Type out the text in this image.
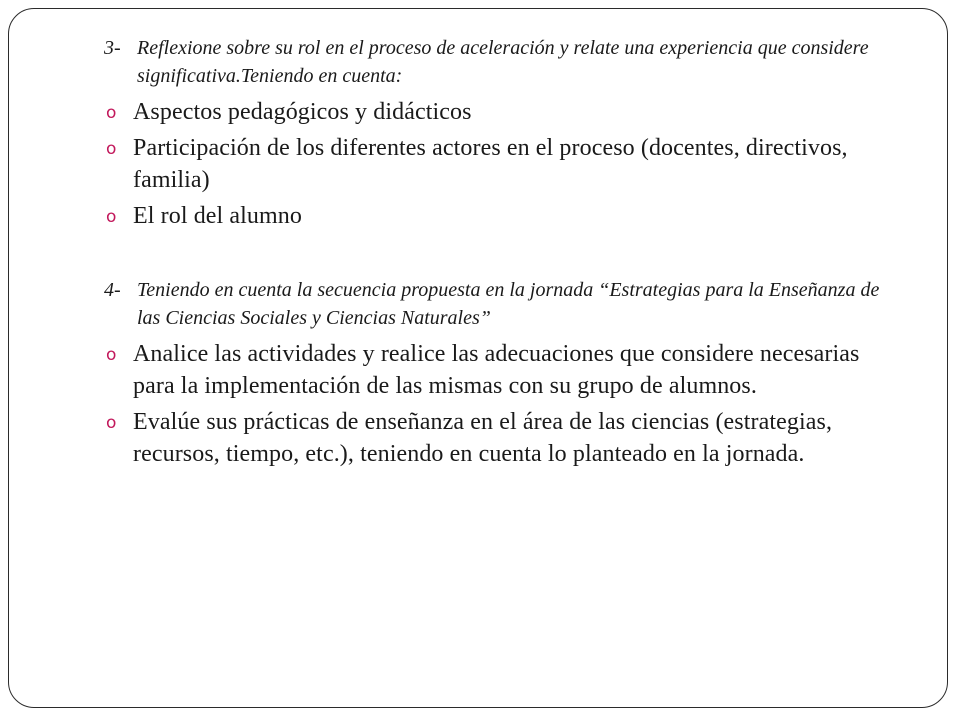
3- Reflexione sobre su rol en el proceso de aceleración y relate una experiencia que considere significativa.Teniendo en cuenta:
o Aspectos pedagógicos y didácticos
o Participación de los diferentes actores en el proceso (docentes, directivos, familia)
o El rol del alumno
4- Teniendo en cuenta la secuencia propuesta en la jornada “Estrategias para la Enseñanza de las Ciencias Sociales y Ciencias Naturales”
o Analice las actividades y realice las adecuaciones que considere necesarias para la implementación de las mismas con su grupo de alumnos.
o Evalúe sus prácticas de enseñanza en el área de las ciencias (estrategias, recursos, tiempo, etc.), teniendo en cuenta lo planteado en la jornada.
